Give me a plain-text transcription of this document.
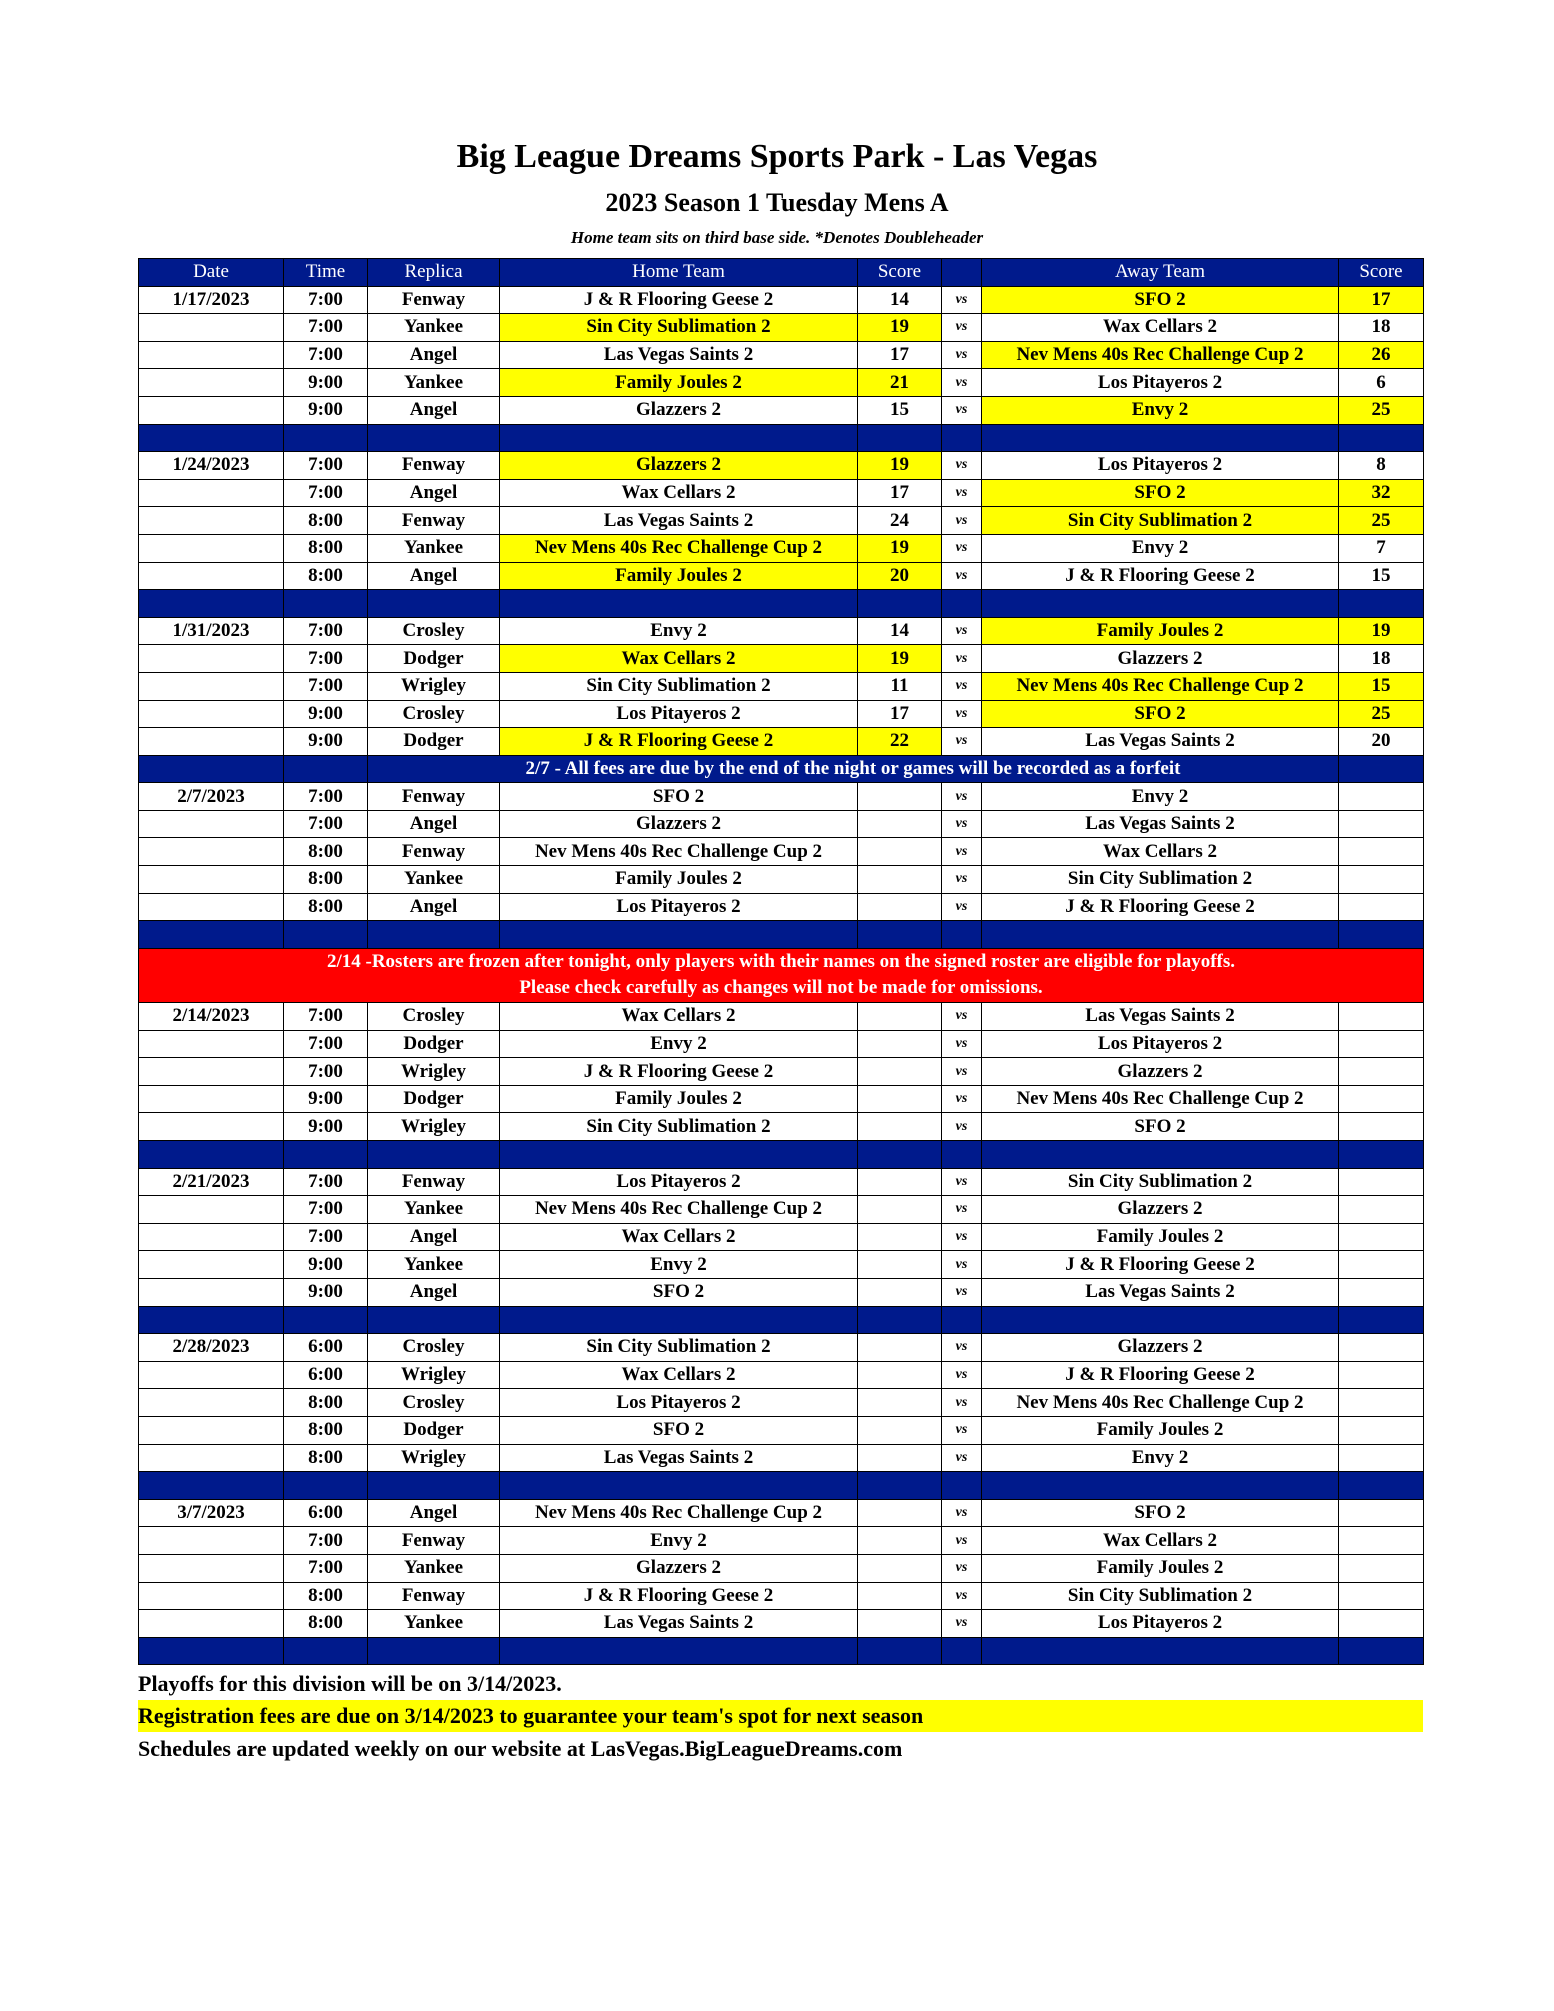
Big League Dreams Sports Park - Las Vegas
2023 Season 1 Tuesday Mens A
Home team sits on third base side. *Denotes Doubleheader
Date	Time	Replica	Home Team	Score		Away Team	Score
1/17/2023	7:00	Fenway	J & R Flooring Geese 2	14	vs	SFO 2	17
	7:00	Yankee	Sin City Sublimation 2	19	vs	Wax Cellars 2	18
	7:00	Angel	Las Vegas Saints 2	17	vs	Nev Mens 40s Rec Challenge Cup 2	26
	9:00	Yankee	Family Joules 2	21	vs	Los Pitayeros 2	6
	9:00	Angel	Glazzers 2	15	vs	Envy 2	25

1/24/2023	7:00	Fenway	Glazzers 2	19	vs	Los Pitayeros 2	8
	7:00	Angel	Wax Cellars 2	17	vs	SFO 2	32
	8:00	Fenway	Las Vegas Saints 2	24	vs	Sin City Sublimation 2	25
	8:00	Yankee	Nev Mens 40s Rec Challenge Cup 2	19	vs	Envy 2	7
	8:00	Angel	Family Joules 2	20	vs	J & R Flooring Geese 2	15

1/31/2023	7:00	Crosley	Envy 2	14	vs	Family Joules 2	19
	7:00	Dodger	Wax Cellars 2	19	vs	Glazzers 2	18
	7:00	Wrigley	Sin City Sublimation 2	11	vs	Nev Mens 40s Rec Challenge Cup 2	15
	9:00	Crosley	Los Pitayeros 2	17	vs	SFO 2	25
	9:00	Dodger	J & R Flooring Geese 2	22	vs	Las Vegas Saints 2	20
		2/7 - All fees are due by the end of the night or games will be recorded as a forfeit					
2/7/2023	7:00	Fenway	SFO 2		vs	Envy 2	
	7:00	Angel	Glazzers 2		vs	Las Vegas Saints 2	
	8:00	Fenway	Nev Mens 40s Rec Challenge Cup 2		vs	Wax Cellars 2	
	8:00	Yankee	Family Joules 2		vs	Sin City Sublimation 2	
	8:00	Angel	Los Pitayeros 2		vs	J & R Flooring Geese 2	

2/14 -Rosters are frozen after tonight, only players with their names on the signed roster are eligible for playoffs.
Please check carefully as changes will not be made for omissions.							

2/14/2023	7:00	Crosley	Wax Cellars 2		vs	Las Vegas Saints 2	
	7:00	Dodger	Envy 2		vs	Los Pitayeros 2	
	7:00	Wrigley	J & R Flooring Geese 2		vs	Glazzers 2	
	9:00	Dodger	Family Joules 2		vs	Nev Mens 40s Rec Challenge Cup 2	
	9:00	Wrigley	Sin City Sublimation 2		vs	SFO 2	

2/21/2023	7:00	Fenway	Los Pitayeros 2		vs	Sin City Sublimation 2	
	7:00	Yankee	Nev Mens 40s Rec Challenge Cup 2		vs	Glazzers 2	
	7:00	Angel	Wax Cellars 2		vs	Family Joules 2	
	9:00	Yankee	Envy 2		vs	J & R Flooring Geese 2	
	9:00	Angel	SFO 2		vs	Las Vegas Saints 2	

2/28/2023	6:00	Crosley	Sin City Sublimation 2		vs	Glazzers 2	
	6:00	Wrigley	Wax Cellars 2		vs	J & R Flooring Geese 2	
	8:00	Crosley	Los Pitayeros 2		vs	Nev Mens 40s Rec Challenge Cup 2	
	8:00	Dodger	SFO 2		vs	Family Joules 2	
	8:00	Wrigley	Las Vegas Saints 2		vs	Envy 2	

3/7/2023	6:00	Angel	Nev Mens 40s Rec Challenge Cup 2		vs	SFO 2	
	7:00	Fenway	Envy 2		vs	Wax Cellars 2	
	7:00	Yankee	Glazzers 2		vs	Family Joules 2	
	8:00	Fenway	J & R Flooring Geese 2		vs	Sin City Sublimation 2	
	8:00	Yankee	Las Vegas Saints 2		vs	Los Pitayeros 2	

Playoffs for this division will be on 3/14/2023.
Registration fees are due on 3/14/2023 to guarantee your team's spot for next season
Schedules are updated weekly on our website at LasVegas.BigLeagueDreams.com
